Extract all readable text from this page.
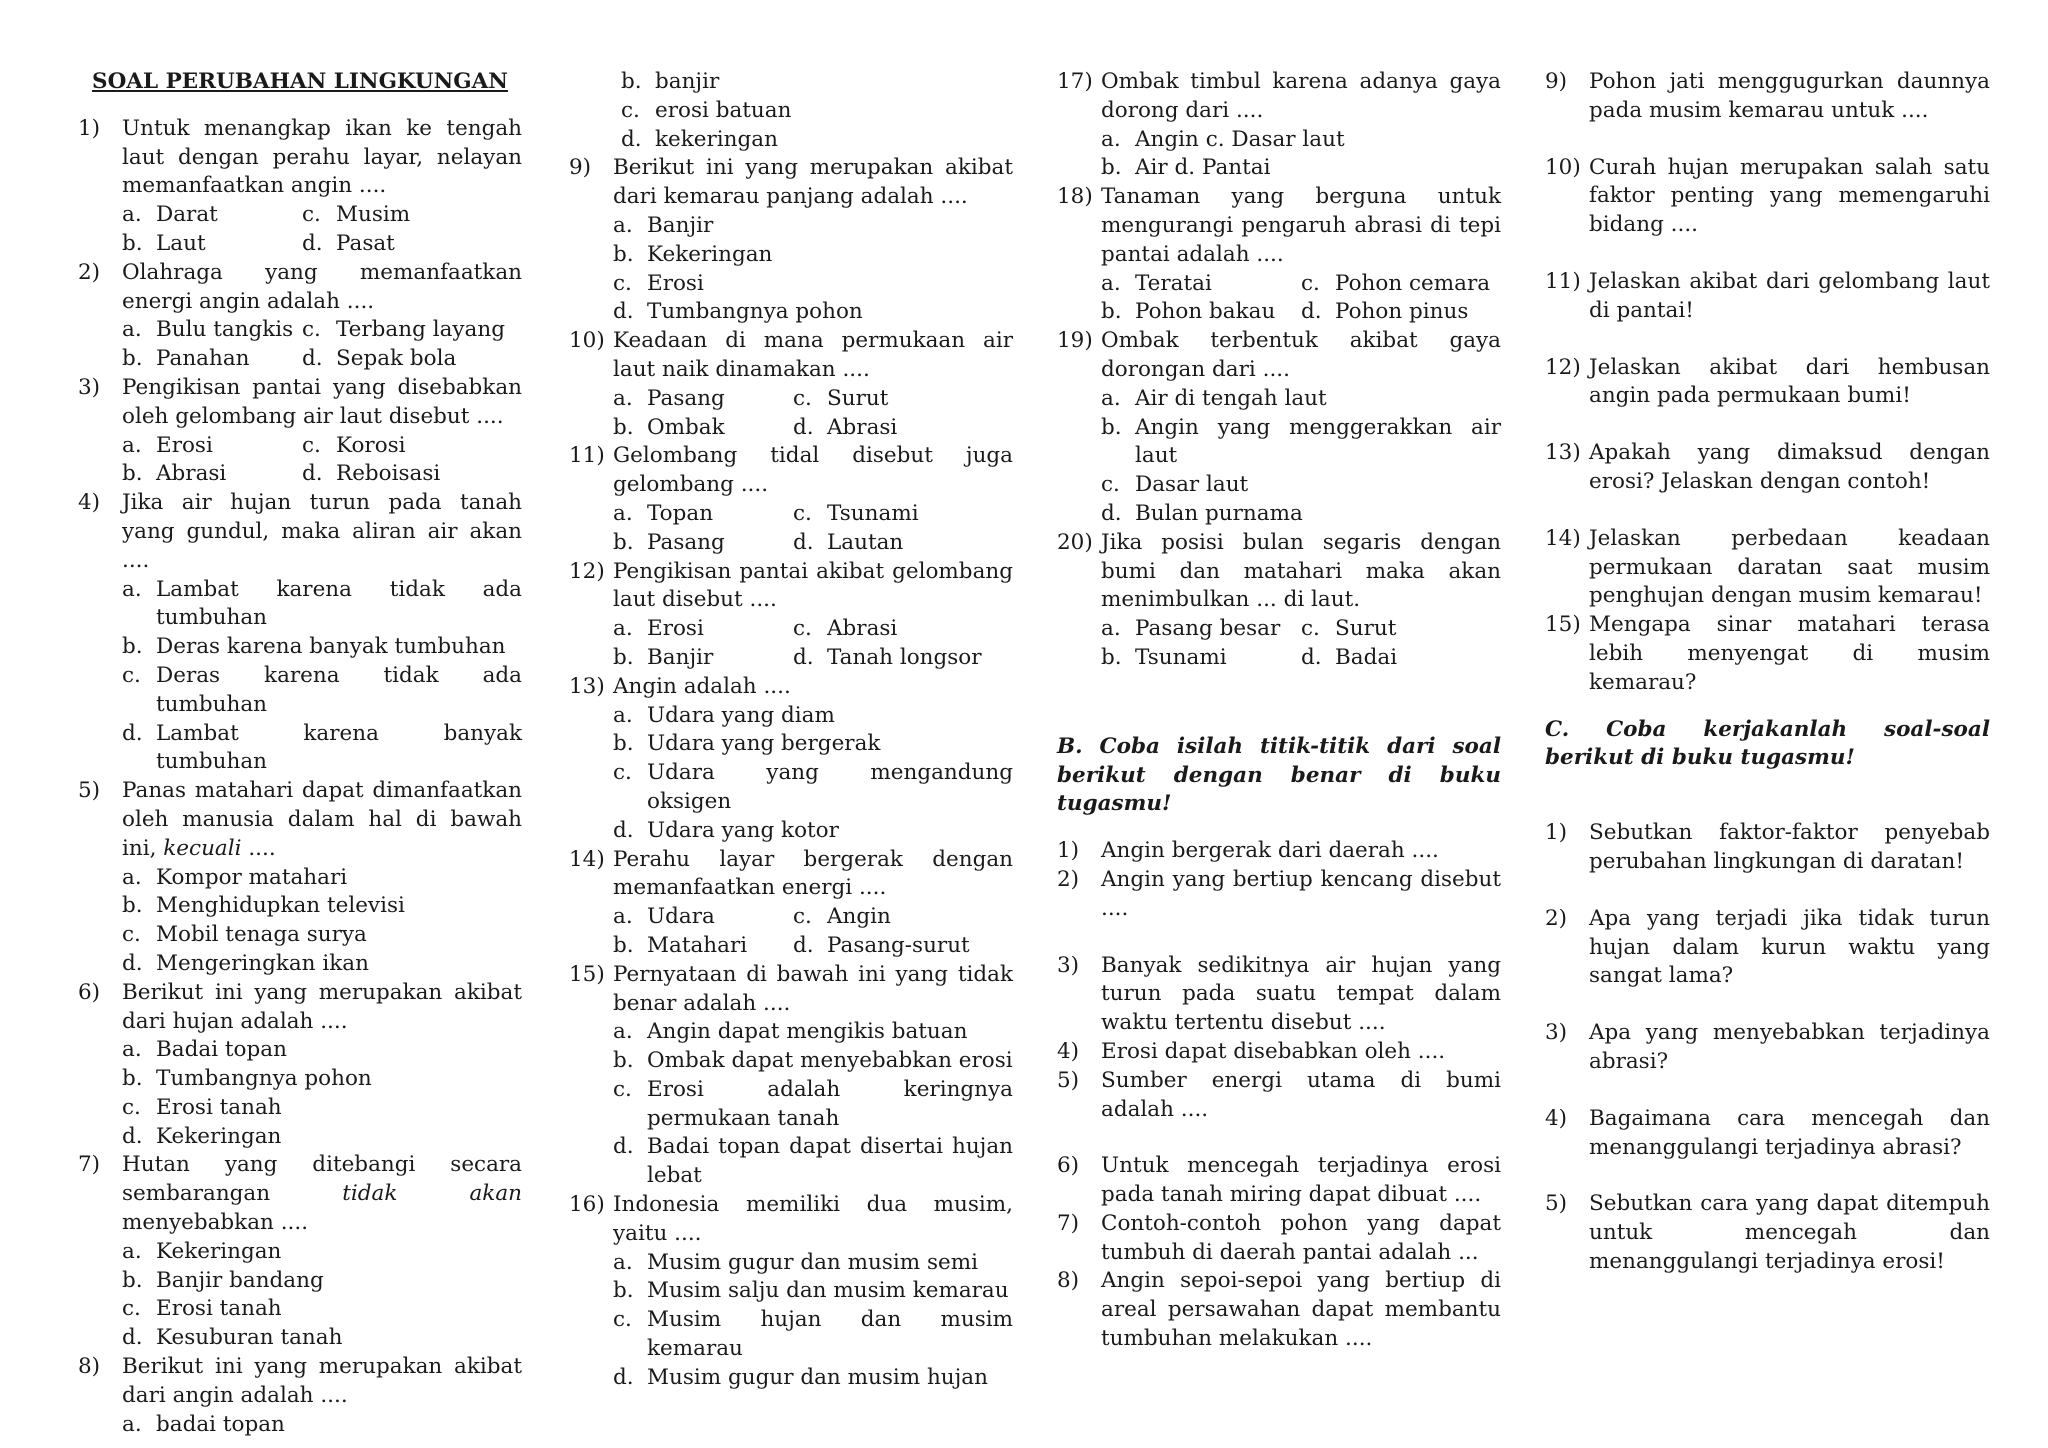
SOAL PERUBAHAN LINGKUNGAN
1)	Untuk menangkap ikan ke tengah laut dengan perahu layar, nelayan memanfaatkan angin ....
a. Darat	c. Musim
b. Laut	d. Pasat
2)	Olahraga yang memanfaatkan energi angin adalah ....
a. Bulu tangkis c. Terbang layang
b. Panahan	d. Sepak bola
3)	Pengikisan pantai yang disebabkan oleh gelombang air laut disebut ....
a. Erosi	c. Korosi
b. Abrasi	d. Reboisasi
4)	Jika air hujan turun pada tanah yang gundul, maka aliran air akan ....
a. Lambat karena tidak ada tumbuhan
b. Deras karena banyak tumbuhan
c. Deras karena tidak ada tumbuhan
d. Lambat karena banyak tumbuhan
5)	Panas matahari dapat dimanfaatkan oleh manusia dalam hal di bawah ini, kecuali ....
a. Kompor matahari
b. Menghidupkan televisi
c. Mobil tenaga surya
d. Mengeringkan ikan
6)	Berikut ini yang merupakan akibat dari hujan adalah ....
a. Badai topan
b. Tumbangnya pohon
c. Erosi tanah
d. Kekeringan
7)	Hutan yang ditebangi secara sembarangan	tidak akan menyebabkan ....
a. Kekeringan
b. Banjir bandang
c. Erosi tanah
d. Kesuburan tanah
8)	Berikut ini yang merupakan akibat dari angin adalah ....
a. badai topan
b. banjir
c. erosi batuan
d. kekeringan
9)	Berikut ini yang merupakan akibat dari kemarau panjang adalah ....
a. Banjir
b. Kekeringan
c. Erosi
d. Tumbangnya pohon
10) Keadaan di mana permukaan air laut naik dinamakan ....
a. Pasang	c. Surut
b. Ombak	d. Abrasi
11) Gelombang tidal disebut juga gelombang ....
a. Topan	c. Tsunami
b. Pasang	d. Lautan
12) Pengikisan pantai akibat gelombang laut disebut ....
a. Erosi	c. Abrasi
b. Banjir	d. Tanah longsor
13) Angin adalah ....
a. Udara yang diam
b. Udara yang bergerak
c. Udara yang mengandung oksigen
d. Udara yang kotor
14) Perahu layar bergerak dengan memanfaatkan energi ....
a. Udara	c. Angin
b. Matahari	d. Pasang-surut
15) Pernyataan di bawah ini yang tidak benar adalah ....
a. Angin dapat mengikis batuan
b. Ombak dapat menyebabkan erosi
c. Erosi adalah keringnya permukaan tanah
d. Badai topan dapat disertai hujan lebat
16) Indonesia memiliki dua musim, yaitu ....
a. Musim gugur dan musim semi
b. Musim salju dan musim kemarau
c. Musim hujan dan musim kemarau
d. Musim gugur dan musim hujan
17) Ombak timbul karena adanya gaya dorong dari ....
a. Angin c. Dasar laut
b. Air d. Pantai
18) Tanaman yang berguna untuk mengurangi pengaruh abrasi di tepi pantai adalah ....
a. Teratai	c. Pohon cemara
b. Pohon bakau	d. Pohon pinus
19) Ombak terbentuk akibat gaya dorongan dari ....
a. Air di tengah laut
b. Angin yang menggerakkan air laut
c. Dasar laut
d. Bulan purnama
20) Jika posisi bulan segaris dengan bumi dan matahari maka akan menimbulkan ... di laut.
a. Pasang besar c. Surut
b. Tsunami	d. Badai
B. Coba isilah titik-titik dari soal berikut dengan benar di buku tugasmu!
1)	Angin bergerak dari daerah ....
2)	Angin yang bertiup kencang disebut ....
3)	Banyak sedikitnya air hujan yang turun pada suatu tempat dalam waktu tertentu disebut ....
4)	Erosi dapat disebabkan oleh ....
5)	Sumber energi utama di bumi adalah ....
6)	Untuk mencegah terjadinya erosi pada tanah miring dapat dibuat ....
7)	Contoh-contoh pohon yang dapat tumbuh di daerah pantai adalah ...
8)	Angin sepoi-sepoi yang bertiup di areal persawahan dapat membantu tumbuhan melakukan ....
9)	Pohon jati menggugurkan daunnya pada musim kemarau untuk ....
10) Curah hujan merupakan salah satu faktor penting yang memengaruhi bidang ....
11) Jelaskan akibat dari gelombang laut di pantai!
12) Jelaskan akibat dari hembusan angin pada permukaan bumi!
13) Apakah yang dimaksud dengan erosi? Jelaskan dengan contoh!
14) Jelaskan perbedaan keadaan permukaan daratan saat musim penghujan dengan musim kemarau!
15) Mengapa sinar matahari terasa lebih menyengat di musim kemarau?
C. Coba kerjakanlah soal-soal berikut di buku tugasmu!
1)	Sebutkan faktor-faktor penyebab perubahan lingkungan di daratan!
2)	Apa yang terjadi jika tidak turun hujan dalam kurun waktu yang sangat lama?
3)	Apa yang menyebabkan terjadinya abrasi?
4)	Bagaimana cara mencegah dan menanggulangi terjadinya abrasi?
5)	Sebutkan cara yang dapat ditempuh untuk mencegah dan menanggulangi terjadinya erosi!
